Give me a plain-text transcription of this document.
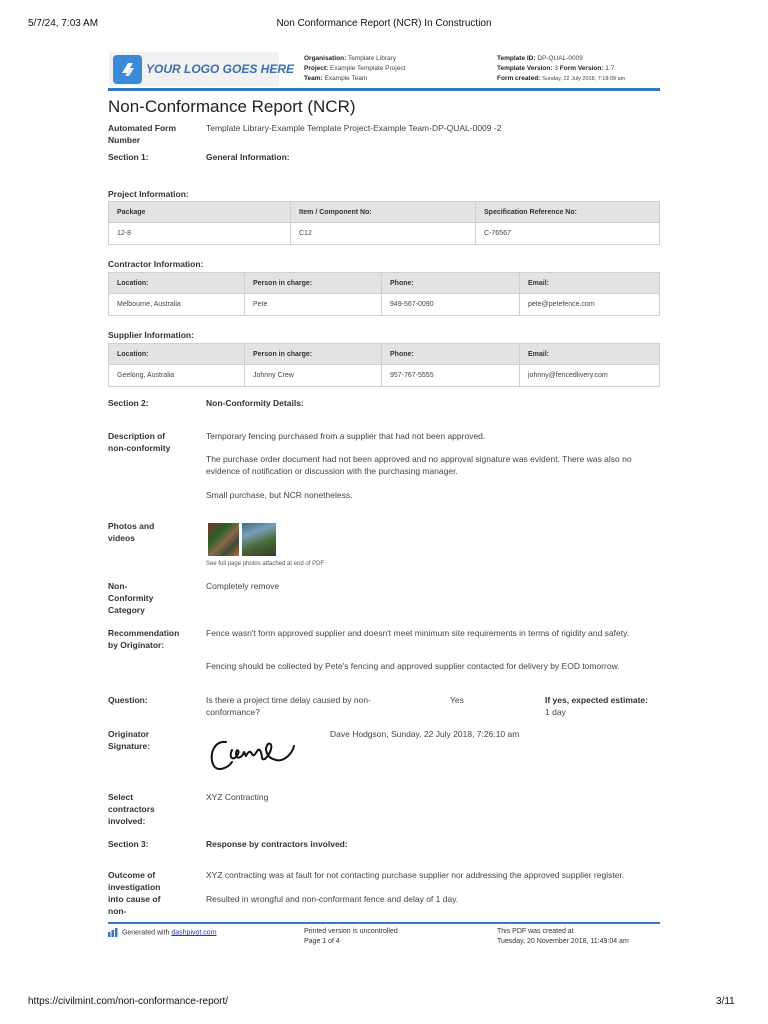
5/7/24, 7:03 AM	Non Conformance Report (NCR) In Construction
YOUR LOGO GOES HERE
Organisation: Template Library
Project: Example Template Project
Team: Example Team
Template ID: DP-QUAL-0009
Template Version: 3 Form Version: 1.7
Form created: Sunday, 22 July 2018, 7:18:09 am
Non-Conformance Report (NCR)
Automated Form Number
Template Library-Example Template Project-Example Team-DP-QUAL-0009 -2
Section 1:	General Information:
Project Information:
Package	Item / Component No:	Specification Reference No:
12-8	C12	C-76567
Contractor Information:
Location:	Person in charge:	Phone:	Email:
Melbourne, Australia	Pete	949-567-0090	pete@petefence.com
Supplier Information:
Location:	Person in charge:	Phone:	Email:
Geelong, Australia	Johnny Crew	957-767-5555	johnny@fencedlivery.com
Section 2:	Non-Conformity Details:
Description of non-conformity
Temporary fencing purchased from a supplier that had not been approved.
The purchase order document had not been approved and no approval signature was evident. There was also no evidence of notification or discussion with the purchasing manager.
Small purchase, but NCR nonetheless.
Photos and videos
See full page photos attached at end of PDF
Non-Conformity Category
Completely remove
Recommendation by Originator:
Fence wasn't form approved supplier and doesn't meet minimum site requirements in terms of rigidity and safety.
Fencing should be collected by Pete's fencing and approved supplier contacted for delivery by EOD tomorrow.
Question:	Is there a project time delay caused by non-conformance?
Yes	If yes, expected estimate:
1 day
Originator Signature:
Dave Hodgson, Sunday, 22 July 2018, 7:26:10 am
Select contractors involved:
XYZ Contracting
Section 3:	Response by contractors involved:
Outcome of investigation into cause of non-
XYZ contracting was at fault for not contacting purchase supplier nor addressing the approved supplier register.
Resulted in wrongful and non-conformant fence and delay of 1 day.
Generated with dashpivot.com	Printed version is uncontrolled
Page 1 of 4
This PDF was created at
Tuesday, 20 November 2018, 11:49:04 am
https://civilmint.com/non-conformance-report/	3/11
